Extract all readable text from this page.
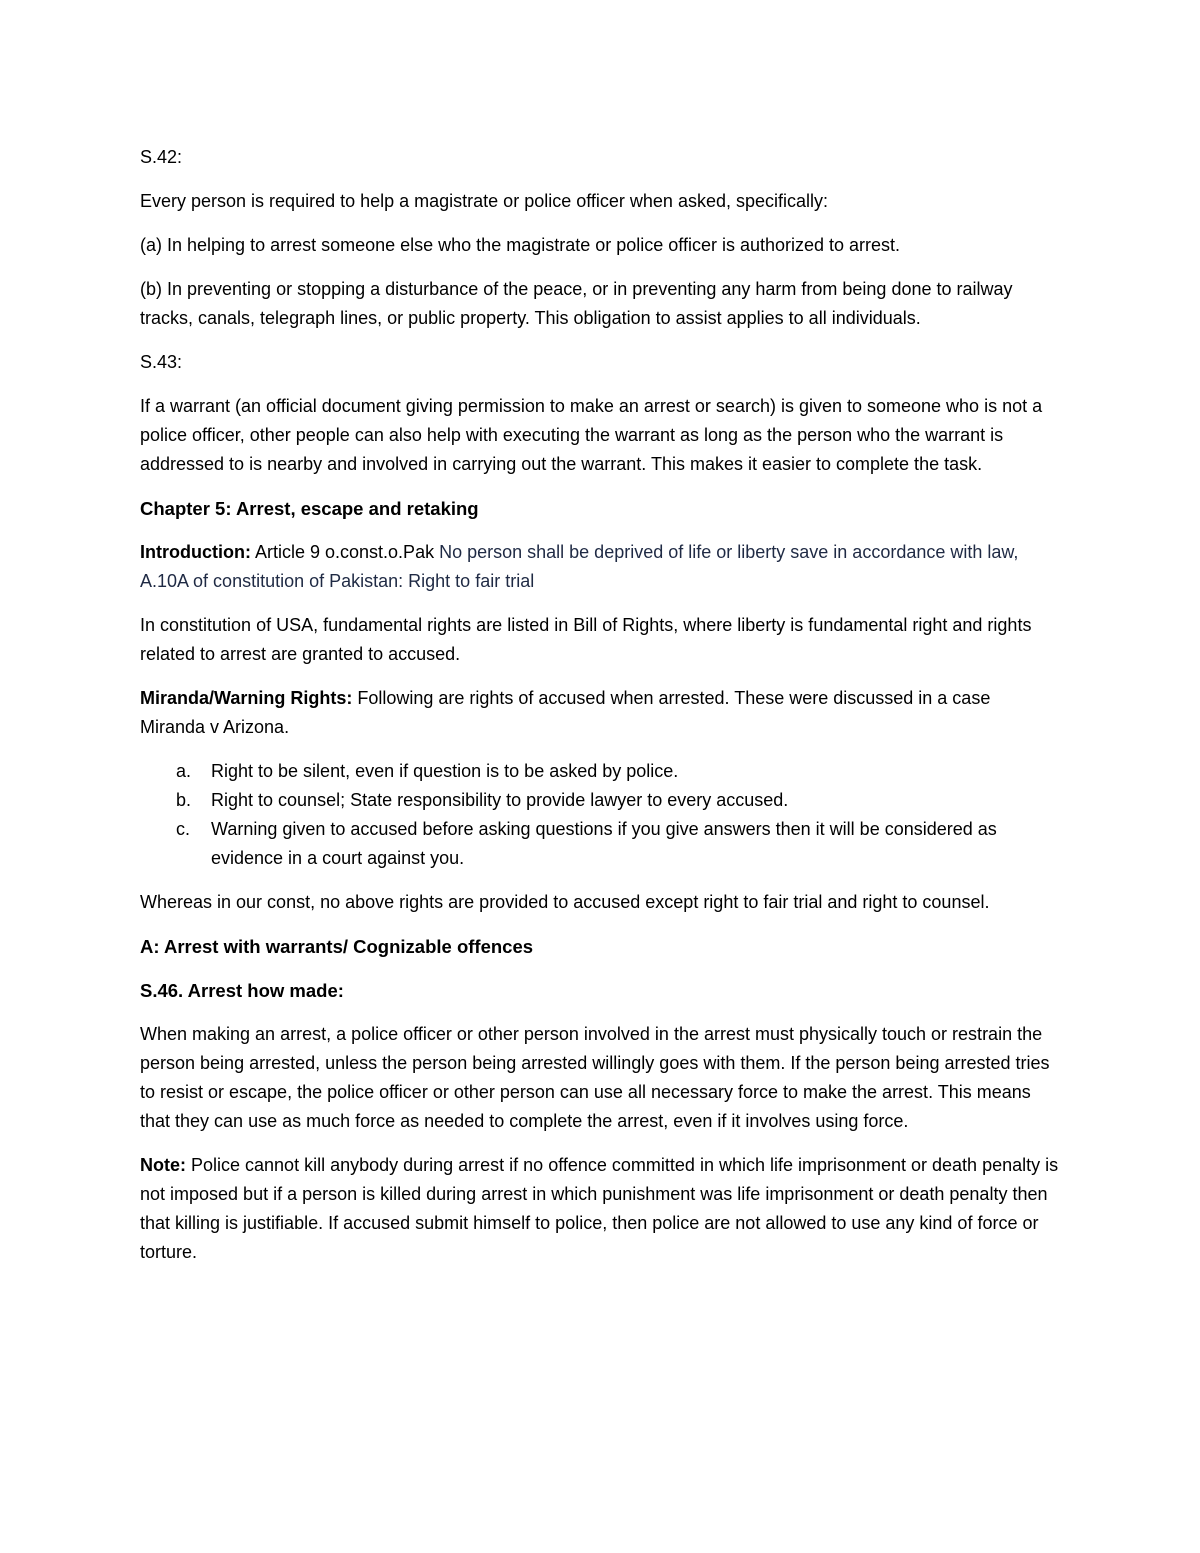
S.42:

Every person is required to help a magistrate or police officer when asked, specifically:

(a) In helping to arrest someone else who the magistrate or police officer is authorized to arrest.

(b) In preventing or stopping a disturbance of the peace, or in preventing any harm from being done to railway tracks, canals, telegraph lines, or public property. This obligation to assist applies to all individuals.

S.43:

If a warrant (an official document giving permission to make an arrest or search) is given to someone who is not a police officer, other people can also help with executing the warrant as long as the person who the warrant is addressed to is nearby and involved in carrying out the warrant. This makes it easier to complete the task.

Chapter 5: Arrest, escape and retaking

Introduction: Article 9 o.const.o.Pak No person shall be deprived of life or liberty save in accordance with law, A.10A of constitution of Pakistan: Right to fair trial

In constitution of USA, fundamental rights are listed in Bill of Rights, where liberty is fundamental right and rights related to arrest are granted to accused.

Miranda/Warning Rights: Following are rights of accused when arrested. These were discussed in a case Miranda v Arizona.

a. Right to be silent, even if question is to be asked by police.
b. Right to counsel; State responsibility to provide lawyer to every accused.
c. Warning given to accused before asking questions if you give answers then it will be considered as evidence in a court against you.

Whereas in our const, no above rights are provided to accused except right to fair trial and right to counsel.

A: Arrest with warrants/ Cognizable offences

S.46. Arrest how made:

When making an arrest, a police officer or other person involved in the arrest must physically touch or restrain the person being arrested, unless the person being arrested willingly goes with them. If the person being arrested tries to resist or escape, the police officer or other person can use all necessary force to make the arrest. This means that they can use as much force as needed to complete the arrest, even if it involves using force.

Note: Police cannot kill anybody during arrest if no offence committed in which life imprisonment or death penalty is not imposed but if a person is killed during arrest in which punishment was life imprisonment or death penalty then that killing is justifiable. If accused submit himself to police, then police are not allowed to use any kind of force or torture.
